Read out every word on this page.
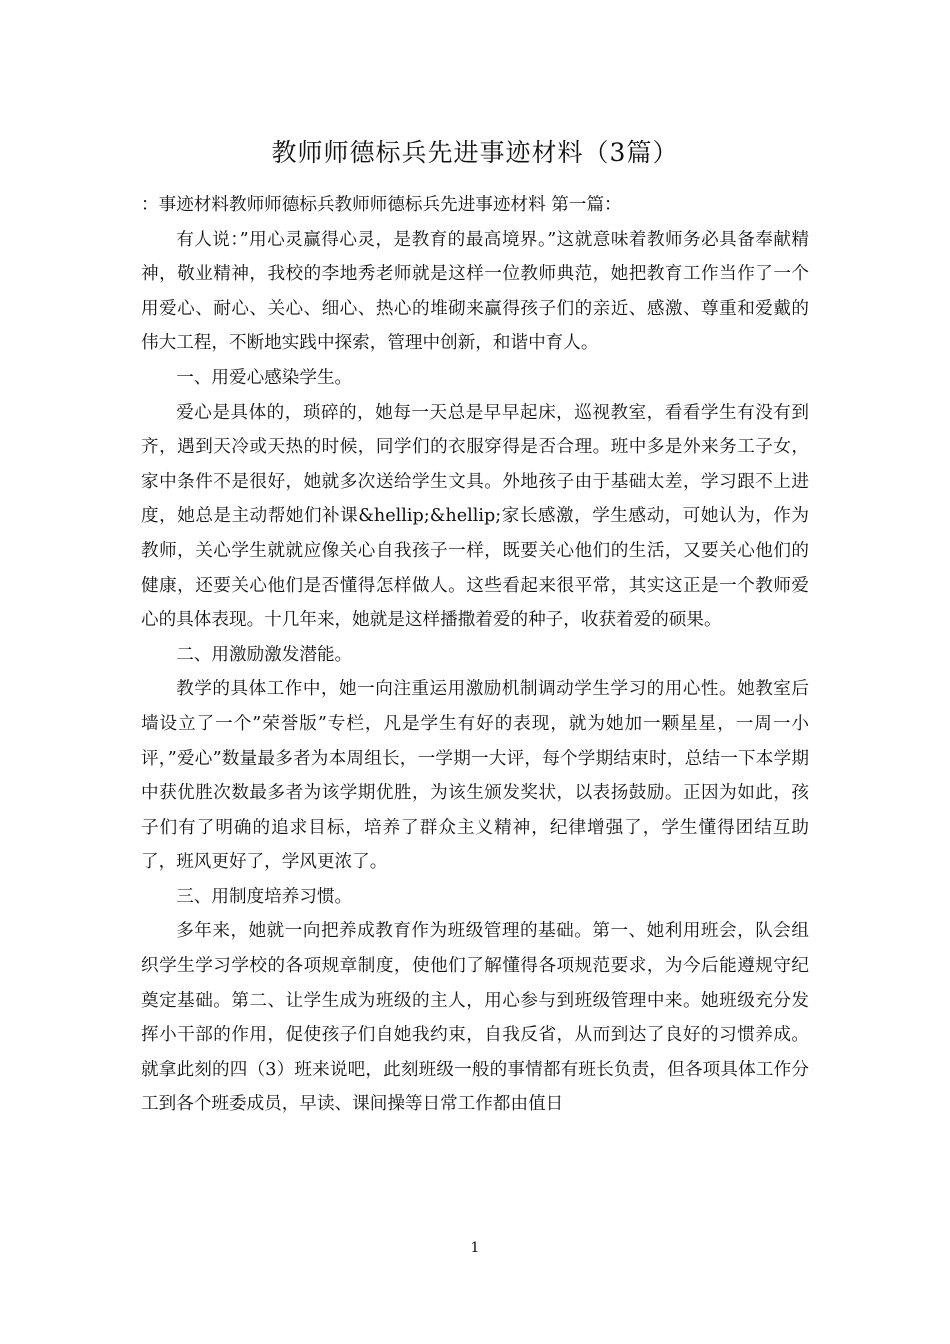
教师师德标兵先进事迹材料（3篇）

：事迹材料教师师德标兵教师师德标兵先进事迹材料 第一篇：

有人说：”用心灵赢得心灵，是教育的最高境界。”这就意味着教师务必具备奉献精神，敬业精神，我校的李地秀老师就是这样一位教师典范，她把教育工作当作了一个用爱心、耐心、关心、细心、热心的堆砌来赢得孩子们的亲近、感激、尊重和爱戴的伟大工程，不断地实践中探索，管理中创新，和谐中育人。

一、用爱心感染学生。

爱心是具体的，琐碎的，她每一天总是早早起床，巡视教室，看看学生有没有到齐，遇到天冷或天热的时候，同学们的衣服穿得是否合理。班中多是外来务工子女，家中条件不是很好，她就多次送给学生文具。外地孩子由于基础太差，学习跟不上进度，她总是主动帮她们补课&hellip;&hellip;家长感激，学生感动，可她认为，作为教师，关心学生就就应像关心自我孩子一样，既要关心他们的生活，又要关心他们的健康，还要关心他们是否懂得怎样做人。这些看起来很平常，其实这正是一个教师爱心的具体表现。十几年来，她就是这样播撒着爱的种子，收获着爱的硕果。

二、用激励激发潜能。

教学的具体工作中，她一向注重运用激励机制调动学生学习的用心性。她教室后墙设立了一个”荣誉版”专栏，凡是学生有好的表现，就为她加一颗星星，一周一小评，”爱心”数量最多者为本周组长，一学期一大评，每个学期结束时，总结一下本学期中获优胜次数最多者为该学期优胜，为该生颁发奖状，以表扬鼓励。正因为如此，孩子们有了明确的追求目标，培养了群众主义精神，纪律增强了，学生懂得团结互助了，班风更好了，学风更浓了。

三、用制度培养习惯。

多年来，她就一向把养成教育作为班级管理的基础。第一、她利用班会，队会组织学生学习学校的各项规章制度，使他们了解懂得各项规范要求，为今后能遵规守纪奠定基础。第二、让学生成为班级的主人，用心参与到班级管理中来。她班级充分发挥小干部的作用，促使孩子们自她我约束，自我反省，从而到达了良好的习惯养成。就拿此刻的四（3）班来说吧，此刻班级一般的事情都有班长负责，但各项具体工作分工到各个班委成员，早读、课间操等日常工作都由值日

1
